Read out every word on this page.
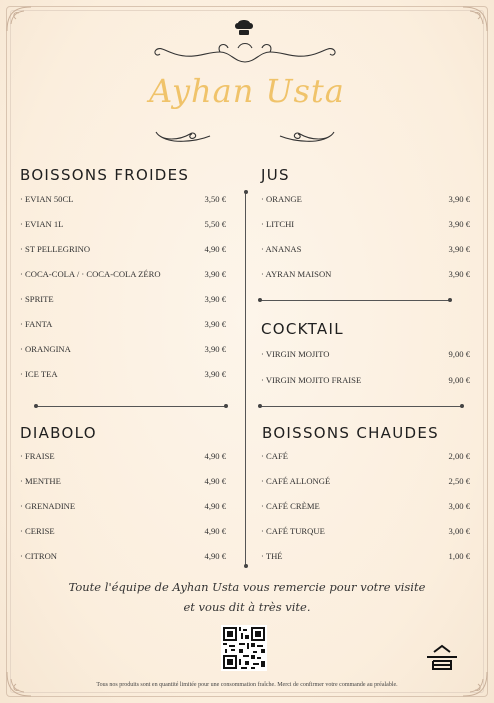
Ayhan Usta
BOISSONS FROIDES
· EVIAN 50CL	3,50 €
· EVIAN 1L	5,50 €
· ST PELLEGRINO	4,90 €
· COCA-COLA / · COCA-COLA ZÉRO	3,90 €
· SPRITE	3,90 €
· FANTA	3,90 €
· ORANGINA	3,90 €
· ICE TEA	3,90 €
JUS
· ORANGE	3,90 €
· LITCHI	3,90 €
· ANANAS	3,90 €
· AYRAN MAISON	3,90 €
COCKTAIL
· VIRGIN MOJITO	9,00 €
· VIRGIN MOJITO FRAISE	9,00 €
DIABOLO
· FRAISE	4,90 €
· MENTHE	4,90 €
· GRENADINE	4,90 €
· CERISE	4,90 €
· CITRON	4,90 €
BOISSONS CHAUDES
· CAFÉ	2,00 €
· CAFÉ ALLONGÉ	2,50 €
· CAFÉ CRÈME	3,00 €
· CAFÉ TURQUE	3,00 €
· THÉ	1,00 €
Toute l'équipe de Ayhan Usta vous remercie pour votre visite
et vous dit à très vite.
Tous nos produits sont en quantité limitée pour une consommation fraîche. Merci de confirmer votre commande au préalable.
